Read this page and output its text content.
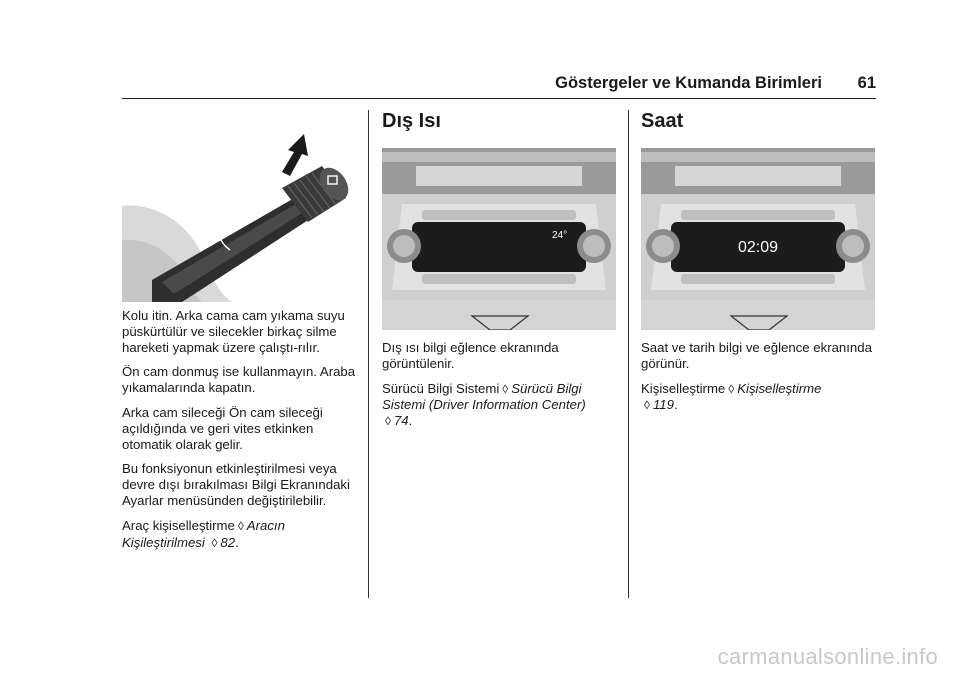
Göstergeler ve Kumanda Birimleri 61

Kolu itin. Arka cama cam yıkama suyu püskürtülür ve silecekler birkaç silme hareketi yapmak üzere çalıştı-rılır.

Ön cam donmuş ise kullanmayın. Araba yıkamalarında kapatın.

Arka cam sileceği Ön cam sileceği açıldığında ve geri vites etkinken otomatik olarak gelir.

Bu fonksiyonun etkinleştirilmesi veya devre dışı bırakılması Bilgi Ekranındaki Ayarlar menüsünden değiştirilebilir.

Araç kişiselleştirme ◊ Aracın Kişileştirilmesi ◊ 82.

Dış Isı
24°

Dış ısı bilgi eğlence ekranında görüntülenir.

Sürücü Bilgi Sistemi ◊ Sürücü Bilgi Sistemi (Driver Information Center) ◊ 74.

Saat
02:09

Saat ve tarih bilgi ve eğlence ekranında görünür.

Kişiselleştirme ◊ Kişiselleştirme
◊ 119.

carmanualsonline.info
